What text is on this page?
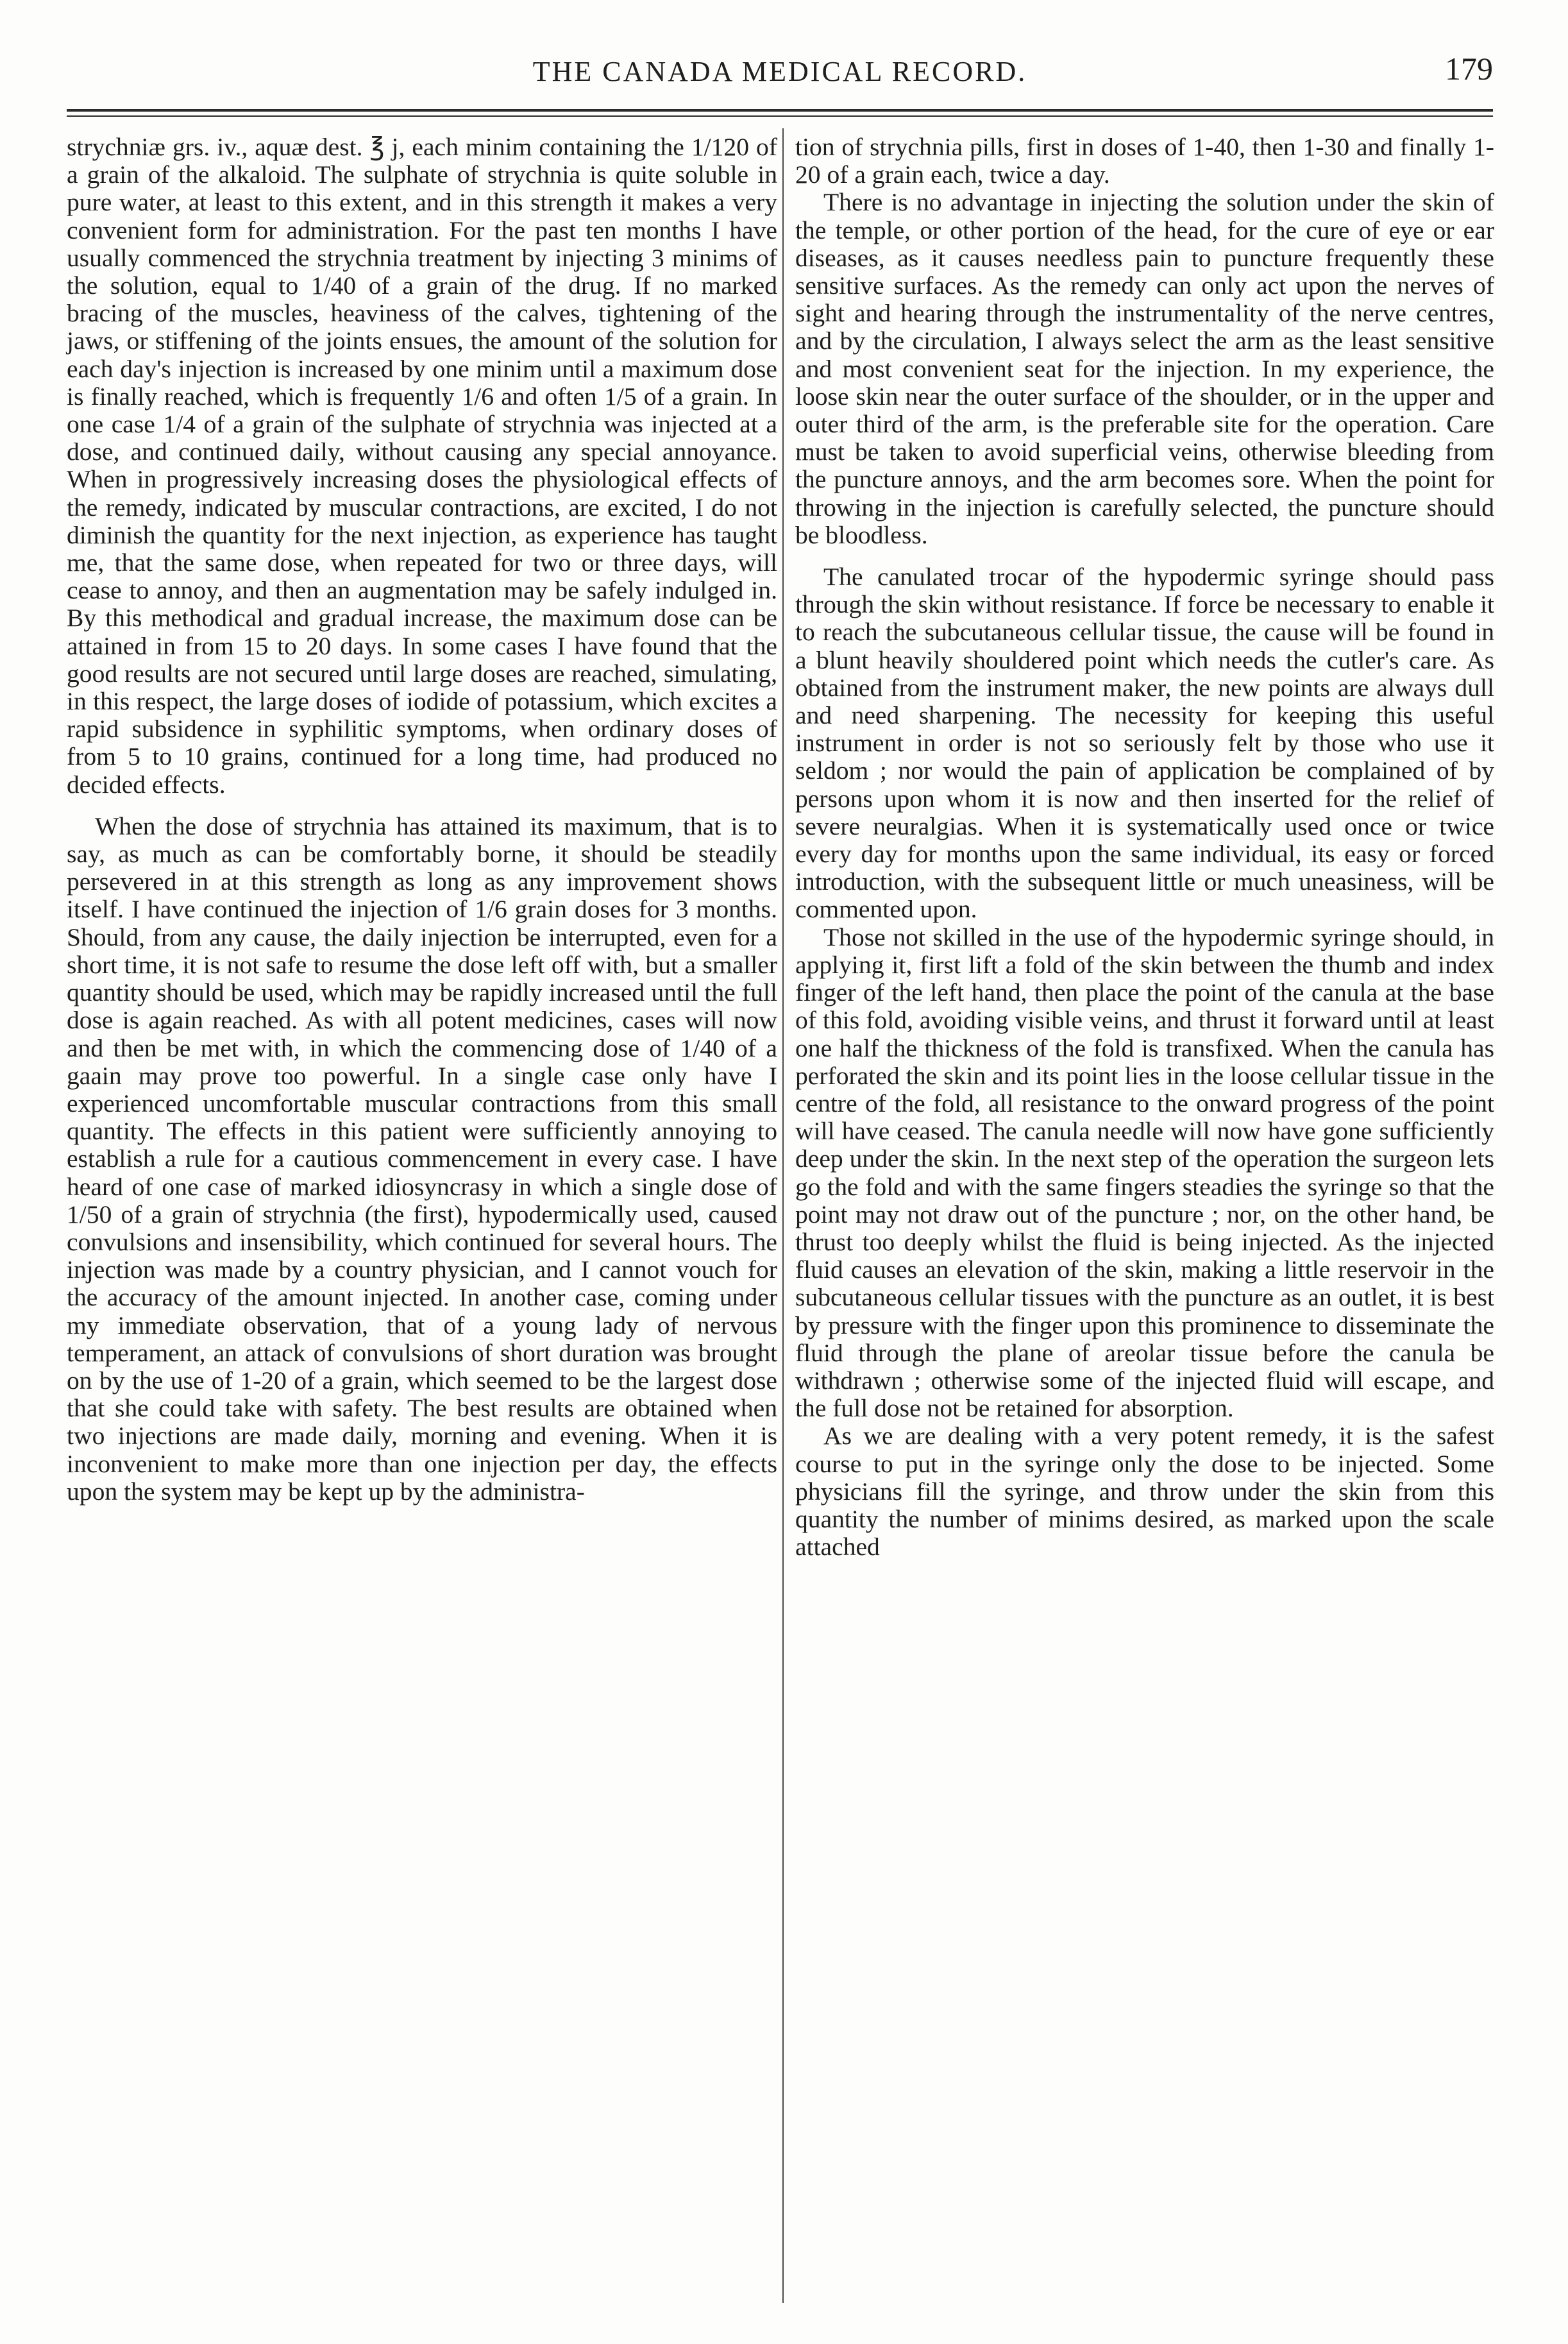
THE CANADA MEDICAL RECORD.	179

strychniæ grs. iv., aquæ dest. ℥ j, each minim containing the 1/120 of a grain of the alkaloid. The sulphate of strychnia is quite soluble in pure water, at least to this extent, and in this strength it makes a very convenient form for administration. For the past ten months I have usually commenced the strychnia treatment by injecting 3 minims of the solution, equal to 1/40 of a grain of the drug. If no marked bracing of the muscles, heaviness of the calves, tightening of the jaws, or stiffening of the joints ensues, the amount of the solution for each day's injection is increased by one minim until a maximum dose is finally reached, which is frequently 1/6 and often 1/5 of a grain. In one case 1/4 of a grain of the sulphate of strychnia was injected at a dose, and continued daily, without causing any special annoyance. When in progressively increasing doses the physiological effects of the remedy, indicated by muscular contractions, are excited, I do not diminish the quantity for the next injection, as experience has taught me, that the same dose, when repeated for two or three days, will cease to annoy, and then an augmentation may be safely indulged in. By this methodical and gradual increase, the maximum dose can be attained in from 15 to 20 days. In some cases I have found that the good results are not secured until large doses are reached, simulating, in this respect, the large doses of iodide of potassium, which excites a rapid subsidence in syphilitic symptoms, when ordinary doses of from 5 to 10 grains, continued for a long time, had produced no decided effects.

When the dose of strychnia has attained its maximum, that is to say, as much as can be comfortably borne, it should be steadily persevered in at this strength as long as any improvement shows itself. I have continued the injection of 1/6 grain doses for 3 months. Should, from any cause, the daily injection be interrupted, even for a short time, it is not safe to resume the dose left off with, but a smaller quantity should be used, which may be rapidly increased until the full dose is again reached. As with all potent medicines, cases will now and then be met with, in which the commencing dose of 1/40 of a gaain may prove too powerful. In a single case only have I experienced uncomfortable muscular contractions from this small quantity. The effects in this patient were sufficiently annoying to establish a rule for a cautious commencement in every case. I have heard of one case of marked idiosyncrasy in which a single dose of 1/50 of a grain of strychnia (the first), hypodermically used, caused convulsions and insensibility, which continued for several hours. The injection was made by a country physician, and I cannot vouch for the accuracy of the amount injected. In another case, coming under my immediate observation, that of a young lady of nervous temperament, an attack of convulsions of short duration was brought on by the use of 1-20 of a grain, which seemed to be the largest dose that she could take with safety. The best results are obtained when two injections are made daily, morning and evening. When it is inconvenient to make more than one injection per day, the effects upon the system may be kept up by the administra-

tion of strychnia pills, first in doses of 1-40, then 1-30 and finally 1-20 of a grain each, twice a day.

There is no advantage in injecting the solution under the skin of the temple, or other portion of the head, for the cure of eye or ear diseases, as it causes needless pain to puncture frequently these sensitive surfaces. As the remedy can only act upon the nerves of sight and hearing through the instrumentality of the nerve centres, and by the circulation, I always select the arm as the least sensitive and most convenient seat for the injection. In my experience, the loose skin near the outer surface of the shoulder, or in the upper and outer third of the arm, is the preferable site for the operation. Care must be taken to avoid superficial veins, otherwise bleeding from the puncture annoys, and the arm becomes sore. When the point for throwing in the injection is carefully selected, the puncture should be bloodless.

The canulated trocar of the hypodermic syringe should pass through the skin without resistance. If force be necessary to enable it to reach the subcutaneous cellular tissue, the cause will be found in a blunt heavily shouldered point which needs the cutler's care. As obtained from the instrument maker, the new points are always dull and need sharpening. The necessity for keeping this useful instrument in order is not so seriously felt by those who use it seldom ; nor would the pain of application be complained of by persons upon whom it is now and then inserted for the relief of severe neuralgias. When it is systematically used once or twice every day for months upon the same individual, its easy or forced introduction, with the subsequent little or much uneasiness, will be commented upon.

Those not skilled in the use of the hypodermic syringe should, in applying it, first lift a fold of the skin between the thumb and index finger of the left hand, then place the point of the canula at the base of this fold, avoiding visible veins, and thrust it forward until at least one half the thickness of the fold is transfixed. When the canula has perforated the skin and its point lies in the loose cellular tissue in the centre of the fold, all resistance to the onward progress of the point will have ceased. The canula needle will now have gone sufficiently deep under the skin. In the next step of the operation the surgeon lets go the fold and with the same fingers steadies the syringe so that the point may not draw out of the puncture ; nor, on the other hand, be thrust too deeply whilst the fluid is being injected. As the injected fluid causes an elevation of the skin, making a little reservoir in the subcutaneous cellular tissues with the puncture as an outlet, it is best by pressure with the finger upon this prominence to disseminate the fluid through the plane of areolar tissue before the canula be withdrawn ; otherwise some of the injected fluid will escape, and the full dose not be retained for absorption.

As we are dealing with a very potent remedy, it is the safest course to put in the syringe only the dose to be injected. Some physicians fill the syringe, and throw under the skin from this quantity the number of minims desired, as marked upon the scale attached
